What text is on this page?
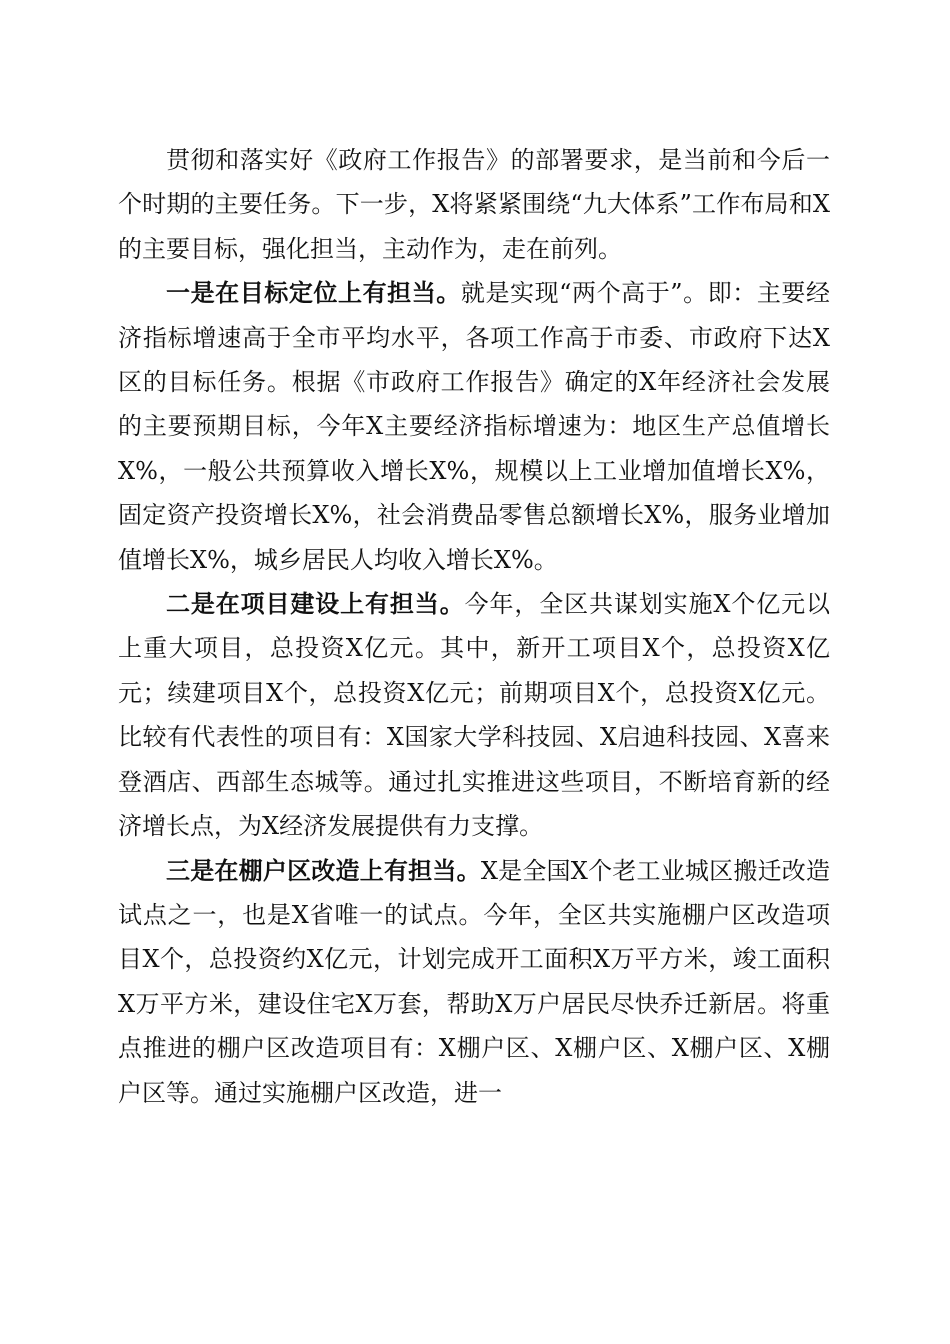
贯彻和落实好《政府工作报告》的部署要求，是当前和今后一个时期的主要任务。下一步，X将紧紧围绕“九大体系”工作布局和X的主要目标，强化担当，主动作为，走在前列。

一是在目标定位上有担当。就是实现“两个高于”。即：主要经济指标增速高于全市平均水平，各项工作高于市委、市政府下达X区的目标任务。根据《市政府工作报告》确定的X年经济社会发展的主要预期目标，今年X主要经济指标增速为：地区生产总值增长X%，一般公共预算收入增长X%，规模以上工业增加值增长X%，固定资产投资增长X%，社会消费品零售总额增长X%，服务业增加值增长X%，城乡居民人均收入增长X%。

二是在项目建设上有担当。今年，全区共谋划实施X个亿元以上重大项目，总投资X亿元。其中，新开工项目X个，总投资X亿元；续建项目X个，总投资X亿元；前期项目X个，总投资X亿元。比较有代表性的项目有：X国家大学科技园、X启迪科技园、X喜来登酒店、西部生态城等。通过扎实推进这些项目，不断培育新的经济增长点，为X经济发展提供有力支撑。

三是在棚户区改造上有担当。X是全国X个老工业城区搬迁改造试点之一，也是X省唯一的试点。今年，全区共实施棚户区改造项目X个，总投资约X亿元，计划完成开工面积X万平方米，竣工面积X万平方米，建设住宅X万套，帮助X万户居民尽快乔迁新居。将重点推进的棚户区改造项目有：X棚户区、X棚户区、X棚户区、X棚户区等。通过实施棚户区改造，进一
